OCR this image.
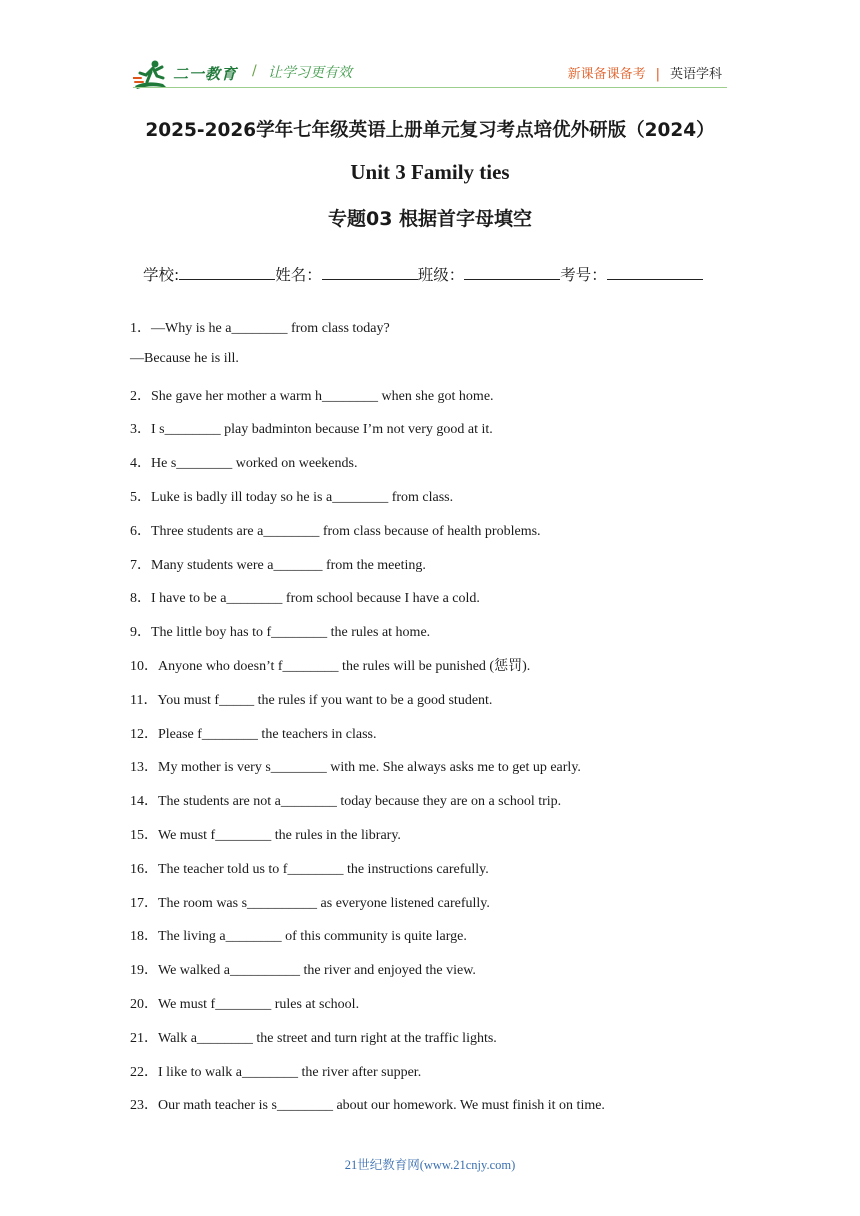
二一教育 / 让学习更有效	新课备课备考 | 英语学科
2025-2026学年七年级英语上册单元复习考点培优外研版（2024）
Unit 3 Family ties
专题03 根据首字母填空
学校:	姓名：	班级：	考号：
1．—Why is he a________ from class today?
—Because he is ill.
2．She gave her mother a warm h________ when she got home.
3．I s________ play badminton because I’m not very good at it.
4．He s________ worked on weekends.
5．Luke is badly ill today so he is a________ from class.
6．Three students are a________ from class because of health problems.
7．Many students were a_______ from the meeting.
8．I have to be a________ from school because I have a cold.
9．The little boy has to f________ the rules at home.
10．Anyone who doesn’t f________ the rules will be punished (惩罚).
11．You must f_____ the rules if you want to be a good student.
12．Please f________ the teachers in class.
13．My mother is very s________ with me. She always asks me to get up early.
14．The students are not a________ today because they are on a school trip.
15．We must f________ the rules in the library.
16．The teacher told us to f________ the instructions carefully.
17．The room was s__________ as everyone listened carefully.
18．The living a________ of this community is quite large.
19．We walked a__________ the river and enjoyed the view.
20．We must f________ rules at school.
21．Walk a________ the street and turn right at the traffic lights.
22．I like to walk a________ the river after supper.
23．Our math teacher is s________ about our homework. We must finish it on time.
21世纪教育网(www.21cnjy.com)
